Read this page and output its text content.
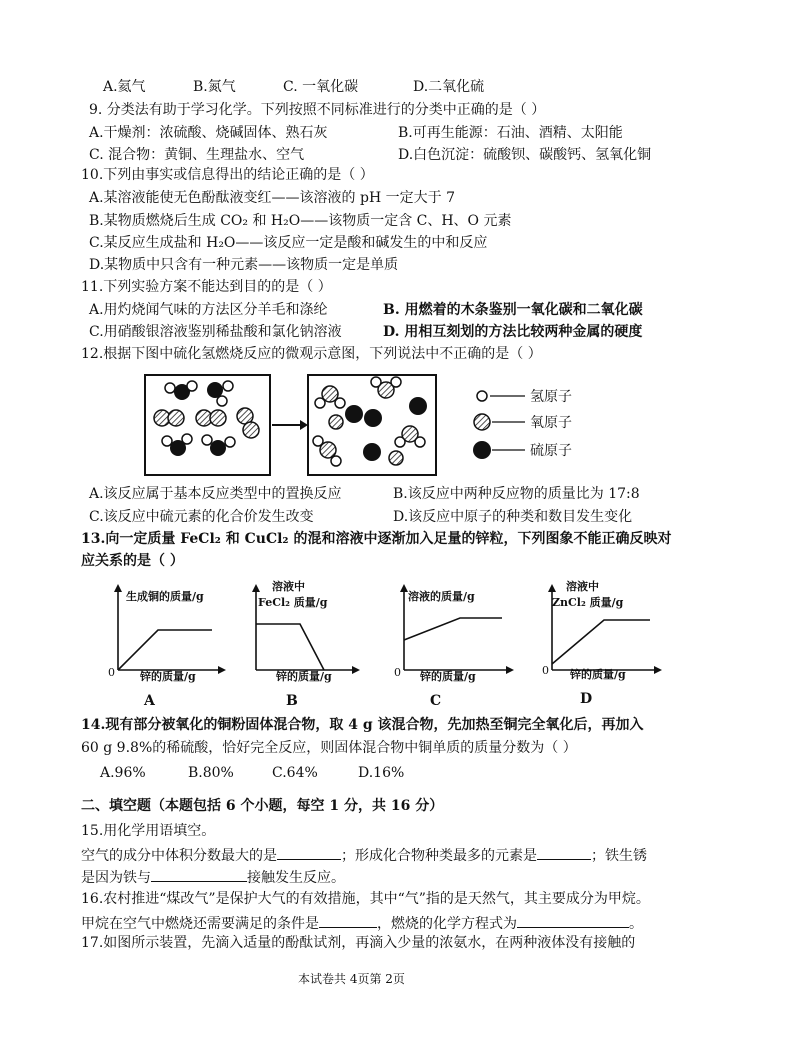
A.氦气	B.氮气	C. 一氧化碳	D.二氧化硫
9. 分类法有助于学习化学。下列按照不同标准进行的分类中正确的是（ ）
A.干燥剂：浓硫酸、烧碱固体、熟石灰	B.可再生能源：石油、酒精、太阳能
C. 混合物：黄铜、生理盐水、空气	D.白色沉淀：硫酸钡、碳酸钙、氢氧化铜
10.下列由事实或信息得出的结论正确的是（ ）
A.某溶液能使无色酚酞液变红——该溶液的 pH 一定大于 7
B.某物质燃烧后生成 CO₂ 和 H₂O——该物质一定含 C、H、O 元素
C.某反应生成盐和 H₂O——该反应一定是酸和碱发生的中和反应
D.某物质中只含有一种元素——该物质一定是单质
11.下列实验方案不能达到目的的是（ ）
A.用灼烧闻气味的方法区分羊毛和涤纶	B. 用燃着的木条鉴别一氧化碳和二氧化碳
C.用硝酸银溶液鉴别稀盐酸和氯化钠溶液	D. 用相互刻划的方法比较两种金属的硬度
12.根据下图中硫化氢燃烧反应的微观示意图，下列说法中不正确的是（ ）
氢原子
氧原子
硫原子
A.该反应属于基本反应类型中的置换反应	B.该反应中两种反应物的质量比为 17:8
C.该反应中硫元素的化合价发生改变	D.该反应中原子的种类和数目发生变化
13.向一定质量 FeCl₂ 和 CuCl₂ 的混和溶液中逐渐加入足量的锌粒，下列图象不能正确反映对
应关系的是（ ）
生成铜的质量/g
锌的质量/g
0
A
溶液中
FeCl₂ 质量/g
锌的质量/g
B
溶液的质量/g
锌的质量/g
0
C
溶液中
ZnCl₂ 质量/g
锌的质量/g
0
D
14.现有部分被氧化的铜粉固体混合物，取 4 g 该混合物，先加热至铜完全氧化后，再加入
60 g 9.8%的稀硫酸，恰好完全反应，则固体混合物中铜单质的质量分数为（ ）
A.96%	B.80%	C.64%	D.16%
二、填空题（本题包括 6 个小题，每空 1 分，共 16 分）
15.用化学用语填空。
空气的成分中体积分数最大的是	；形成化合物种类最多的元素是	；铁生锈
是因为铁与	接触发生反应。
16.农村推进“煤改气”是保护大气的有效措施，其中“气”指的是天然气，其主要成分为甲烷。
甲烷在空气中燃烧还需要满足的条件是	，燃烧的化学方程式为	。
17.如图所示装置，先滴入适量的酚酞试剂，再滴入少量的浓氨水，在两种液体没有接触的
本试卷共 4页第 2页
